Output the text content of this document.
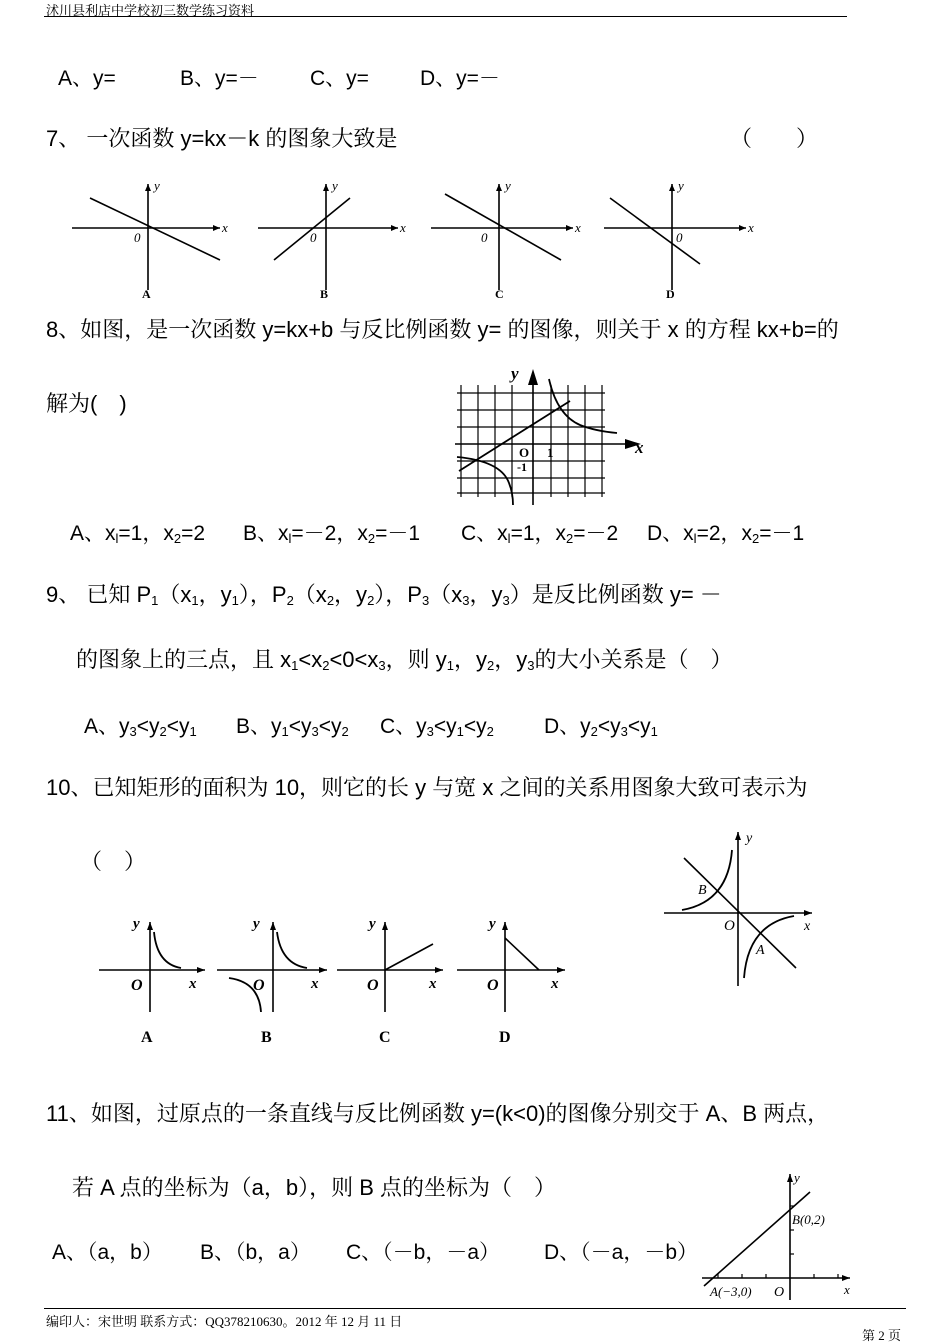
沭川县利店中学校初三数学练习资料
A、y=	B、y=－ C、y= D、y=－
7、 一次函数 y=kx－k 的图象大致是	（　　）
x
y
0
A
x
y
0
B
x
y
0
C
x
y
0
D
8、如图，是一次函数 y=kx+b 与反比例函数 y= 的图像，则关于 x 的方程 kx+b=的
解为(　)
y
x
O 1
-1
A、$x_l=1$，$x_2=2$ B、$x_l=-2$，$x_2=-1$ C、$x_l=1$，$x_2=-2$ D、$x_l=2$，$x_2=-1$
9、 已知 $P_1(x_1$，$y_1$），$P_2(x_2$，$y_2$），$P_3(x_3$，$y_3$）是反比例函数 y= －
的图象上的三点，且 $x_1<x_2<0<x_3$，则 $y_1$，$y_2$，$y_3$的大小关系是（　）
A、$y_3<y_2<y_1$ B、$y_1<y_3<y_2$ C、$y_3<y_1<y_2$ D、$y_2<y_3<y_1$
10、已知矩形的面积为 10，则它的长 y 与宽 x 之间的关系用图象大致可表示为
（　）
y
x
O
A
y
x
O
B
y
x
O
C
y
x
O
D
y
x
O
B
A
11、如图，过原点的一条直线与反比例函数 y=(k<0)的图像分别交于 A、B 两点，
若 A 点的坐标为（a，b），则 B 点的坐标为（　）
A、（a，b） B、（b，a） C、（－b，－a） D、（－a，－b）
y
x
O
B(0,2)
A(−3,0)
编印人：宋世明 联系方式：QQ378210630。2012 年 12 月 11 日
第 2 页
